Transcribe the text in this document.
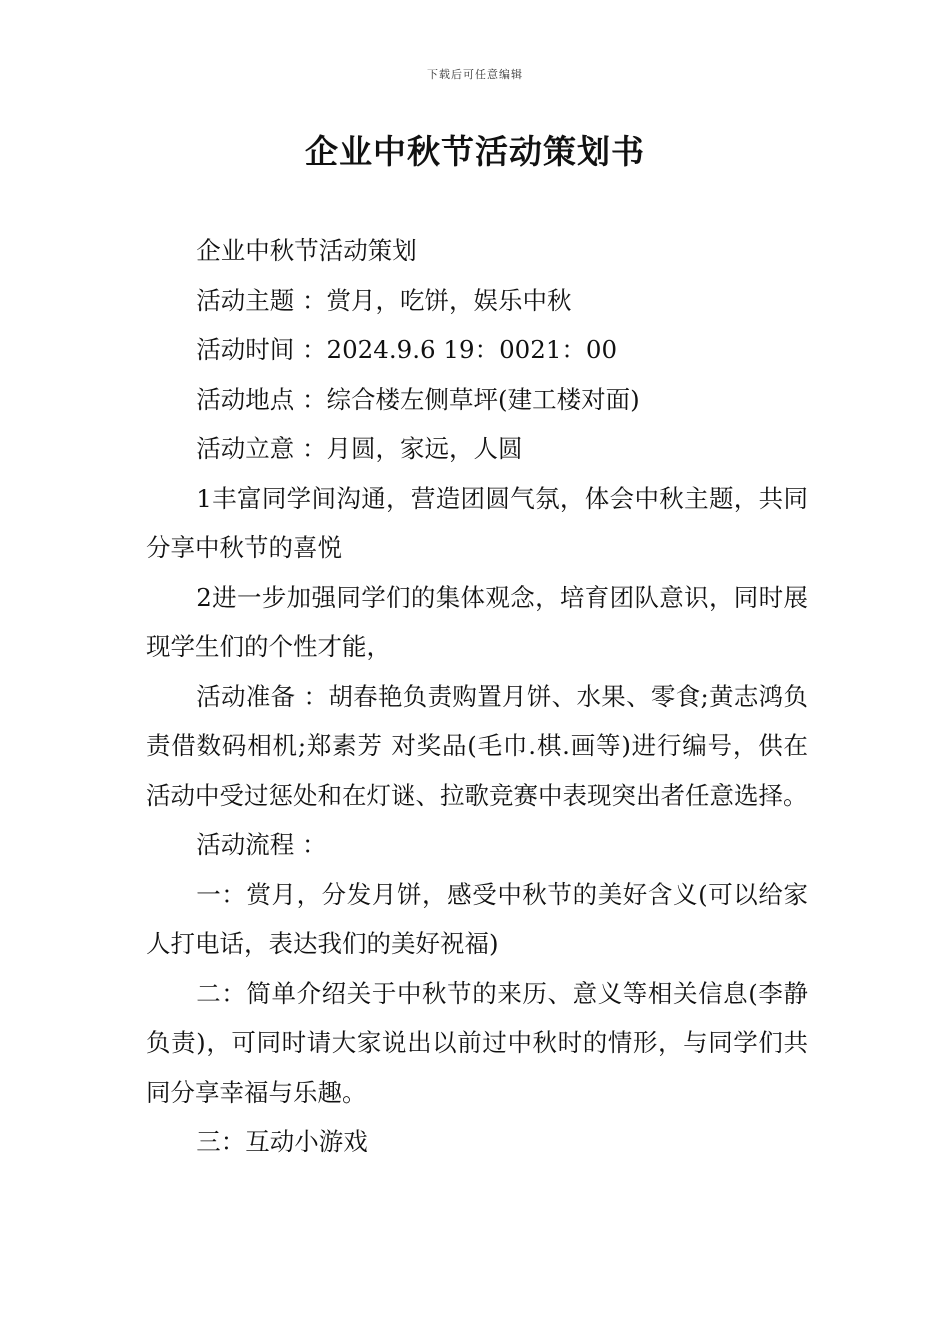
下载后可任意编辑
企业中秋节活动策划书

企业中秋节活动策划

活动主题 ：赏月，吃饼，娱乐中秋

活动时间 ：2024.9.6 19：0021：00

活动地点 ：综合楼左侧草坪(建工楼对面)

活动立意 ：月圆，家远，人圆

1丰富同学间沟通，营造团圆气氛，体会中秋主题，共同分享中秋节的喜悦

2进一步加强同学们的集体观念，培育团队意识，同时展现学生们的个性才能，

活动准备 ：胡春艳负责购置月饼、水果、零食;黄志鸿负责借数码相机;郑素芳 对奖品(毛巾.棋.画等)进行编号，供在活动中受过惩处和在灯谜、拉歌竞赛中表现突出者任意选择。

活动流程 ：

一：赏月，分发月饼，感受中秋节的美好含义(可以给家人打电话，表达我们的美好祝福)

二：简单介绍关于中秋节的来历、意义等相关信息(李静负责)，可同时请大家说出以前过中秋时的情形，与同学们共同分享幸福与乐趣。

三：互动小游戏
